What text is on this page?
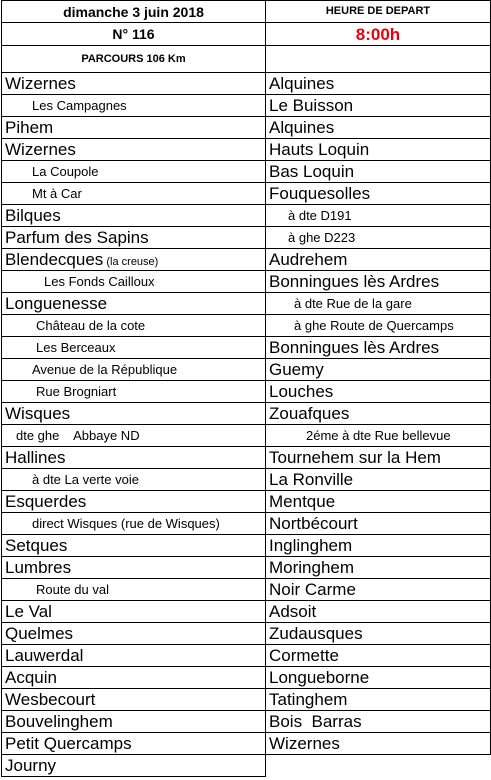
dimanche 3 juin 2018	HEURE DE DEPART
N° 116	8:00h
PARCOURS 106 Km	
Wizernes	Alquines
Les Campagnes	Le Buisson
Pihem	Alquines
Wizernes	Hauts Loquin
La Coupole	Bas Loquin
Mt à Car	Fouquesolles
Bilques	à dte D191
Parfum des Sapins	à ghe D223
Blendecques (la creuse)	Audrehem
Les Fonds Cailloux	Bonningues lès Ardres
Longuenesse	à dte Rue de la gare
Château de la cote	à ghe Route de Quercamps
Les Berceaux	Bonningues lès Ardres
Avenue de la République	Guemy
Rue Brogniart	Louches
Wisques	Zouafques
dte ghe    Abbaye ND	2éme à dte Rue bellevue
Hallines	Tournehem sur la Hem
à dte La verte voie	La Ronville
Esquerdes	Mentque
direct Wisques (rue de Wisques)	Nortbécourt
Setques	Inglinghem
Lumbres	Moringhem
Route du val	Noir Carme
Le Val	Adsoit
Quelmes	Zudausques
Lauwerdal	Cormette
Acquin	Longueborne
Wesbecourt	Tatinghem
Bouvelinghem	Bois  Barras
Petit Quercamps	Wizernes
Journy	
